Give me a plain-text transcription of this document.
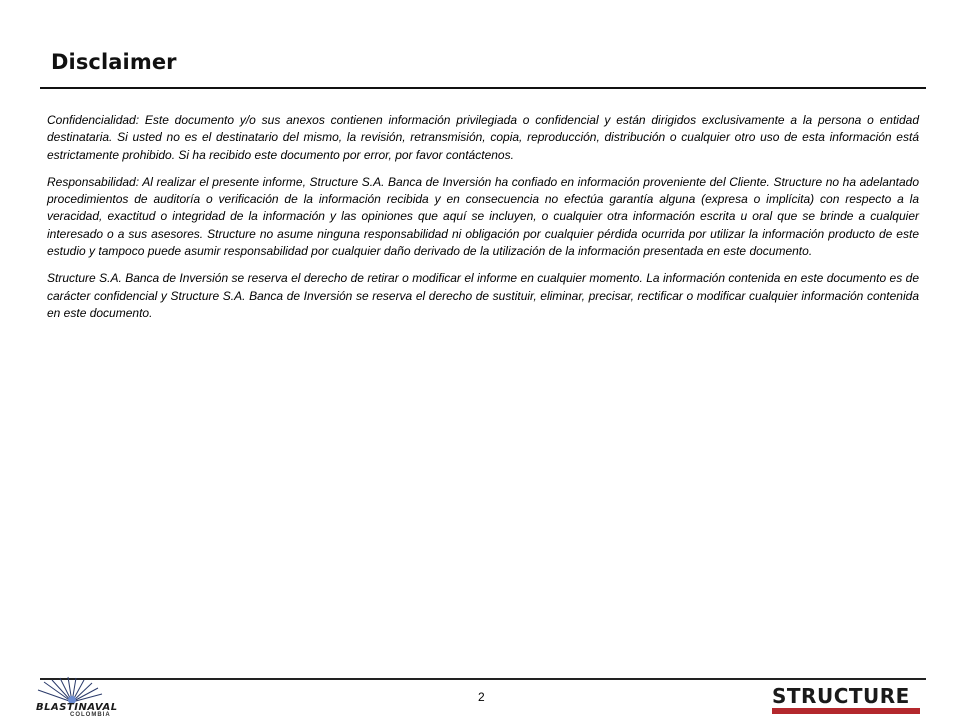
Disclaimer

Confidencialidad: Este documento y/o sus anexos contienen información privilegiada o confidencial y están dirigidos exclusivamente a la persona o entidad destinataria. Si usted no es el destinatario del mismo, la revisión, retransmisión, copia, reproducción, distribución o cualquier otro uso de esta información está estrictamente prohibido. Si ha recibido este documento por error, por favor contáctenos.

Responsabilidad: Al realizar el presente informe, Structure S.A. Banca de Inversión ha confiado en información proveniente del Cliente. Structure no ha adelantado procedimientos de auditoría o verificación de la información recibida y en consecuencia no efectúa garantía alguna (expresa o implícita) con respecto a la veracidad, exactitud o integridad de la información y las opiniones que aquí se incluyen, o cualquier otra información escrita u oral que se brinde a cualquier interesado o a sus asesores. Structure no asume ninguna responsabilidad ni obligación por cualquier pérdida ocurrida por utilizar la información producto de este estudio y tampoco puede asumir responsabilidad por cualquier daño derivado de la utilización de la información presentada en este documento.

Structure S.A. Banca de Inversión se reserva el derecho de retirar o modificar el informe en cualquier momento. La información contenida en este documento es de carácter confidencial y Structure S.A. Banca de Inversión se reserva el derecho de sustituir, eliminar, precisar, rectificar o modificar cualquier información contenida en este documento.

2
BLASTINAVAL
COLOMBIA
STRUCTURE
